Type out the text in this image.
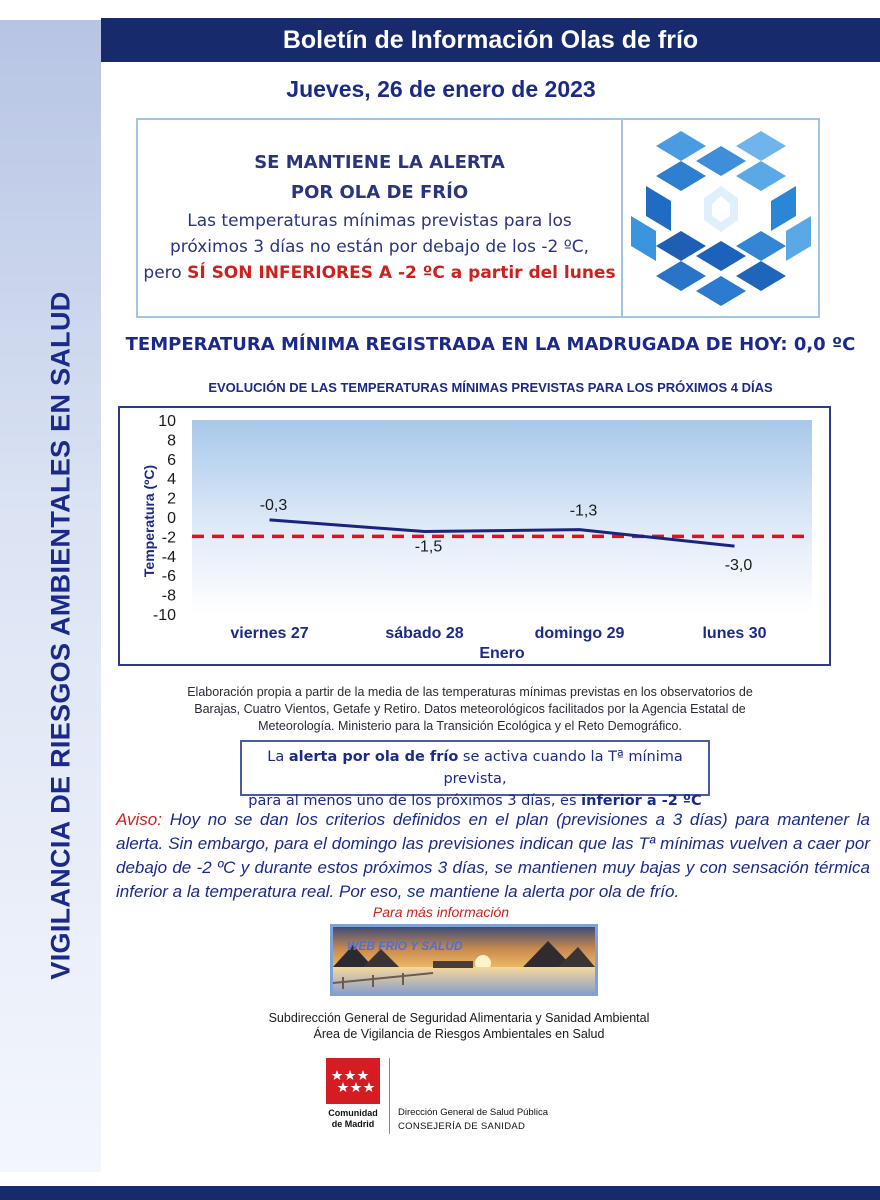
VIGILANCIA DE RIESGOS AMBIENTALES EN SALUD
Boletín de Información Olas de frío
Jueves, 26 de enero de 2023
SE MANTIENE LA ALERTA
POR OLA DE FRÍO
Las temperaturas mínimas previstas para los
próximos 3 días no están por debajo de los -2 ºC,
pero SÍ SON INFERIORES A -2 ºC a partir del lunes
TEMPERATURA MÍNIMA REGISTRADA EN LA MADRUGADA DE HOY: 0,0 ºC
EVOLUCIÓN DE LAS TEMPERATURAS MÍNIMAS PREVISTAS PARA LOS PRÓXIMOS 4 DÍAS
10
8
6
4
2
0
-2
-4
-6
-8
-10
viernes 27	sábado 28	domingo 29	lunes 30
-0,3
-1,5
-1,3
-3,0
Temperatura (ºC)
Enero
Elaboración propia a partir de la media de las temperaturas mínimas previstas en los observatorios de
Barajas, Cuatro Vientos, Getafe y Retiro. Datos meteorológicos facilitados por la Agencia Estatal de
Meteorología. Ministerio para la Transición Ecológica y el Reto Demográfico.
La alerta por ola de frío se activa cuando la Tª mínima prevista,
para al menos uno de los próximos 3 días, es inferior a -2 ºC
Aviso: Hoy no se dan los criterios definidos en el plan (previsiones a 3 días) para mantener la alerta. Sin embargo, para el domingo las previsiones indican que las Tª mínimas vuelven a caer por debajo de -2 ºC y durante estos próximos 3 días, se mantienen muy bajas y con sensación térmica inferior a la temperatura real. Por eso, se mantiene la alerta por ola de frío.
Para más información
WEB FRÍO Y SALUD
Subdirección General de Seguridad Alimentaria y Sanidad Ambiental
Área de Vigilancia de Riesgos Ambientales en Salud
Comunidad
de Madrid
Dirección General de Salud Pública
CONSEJERÍA DE SANIDAD
